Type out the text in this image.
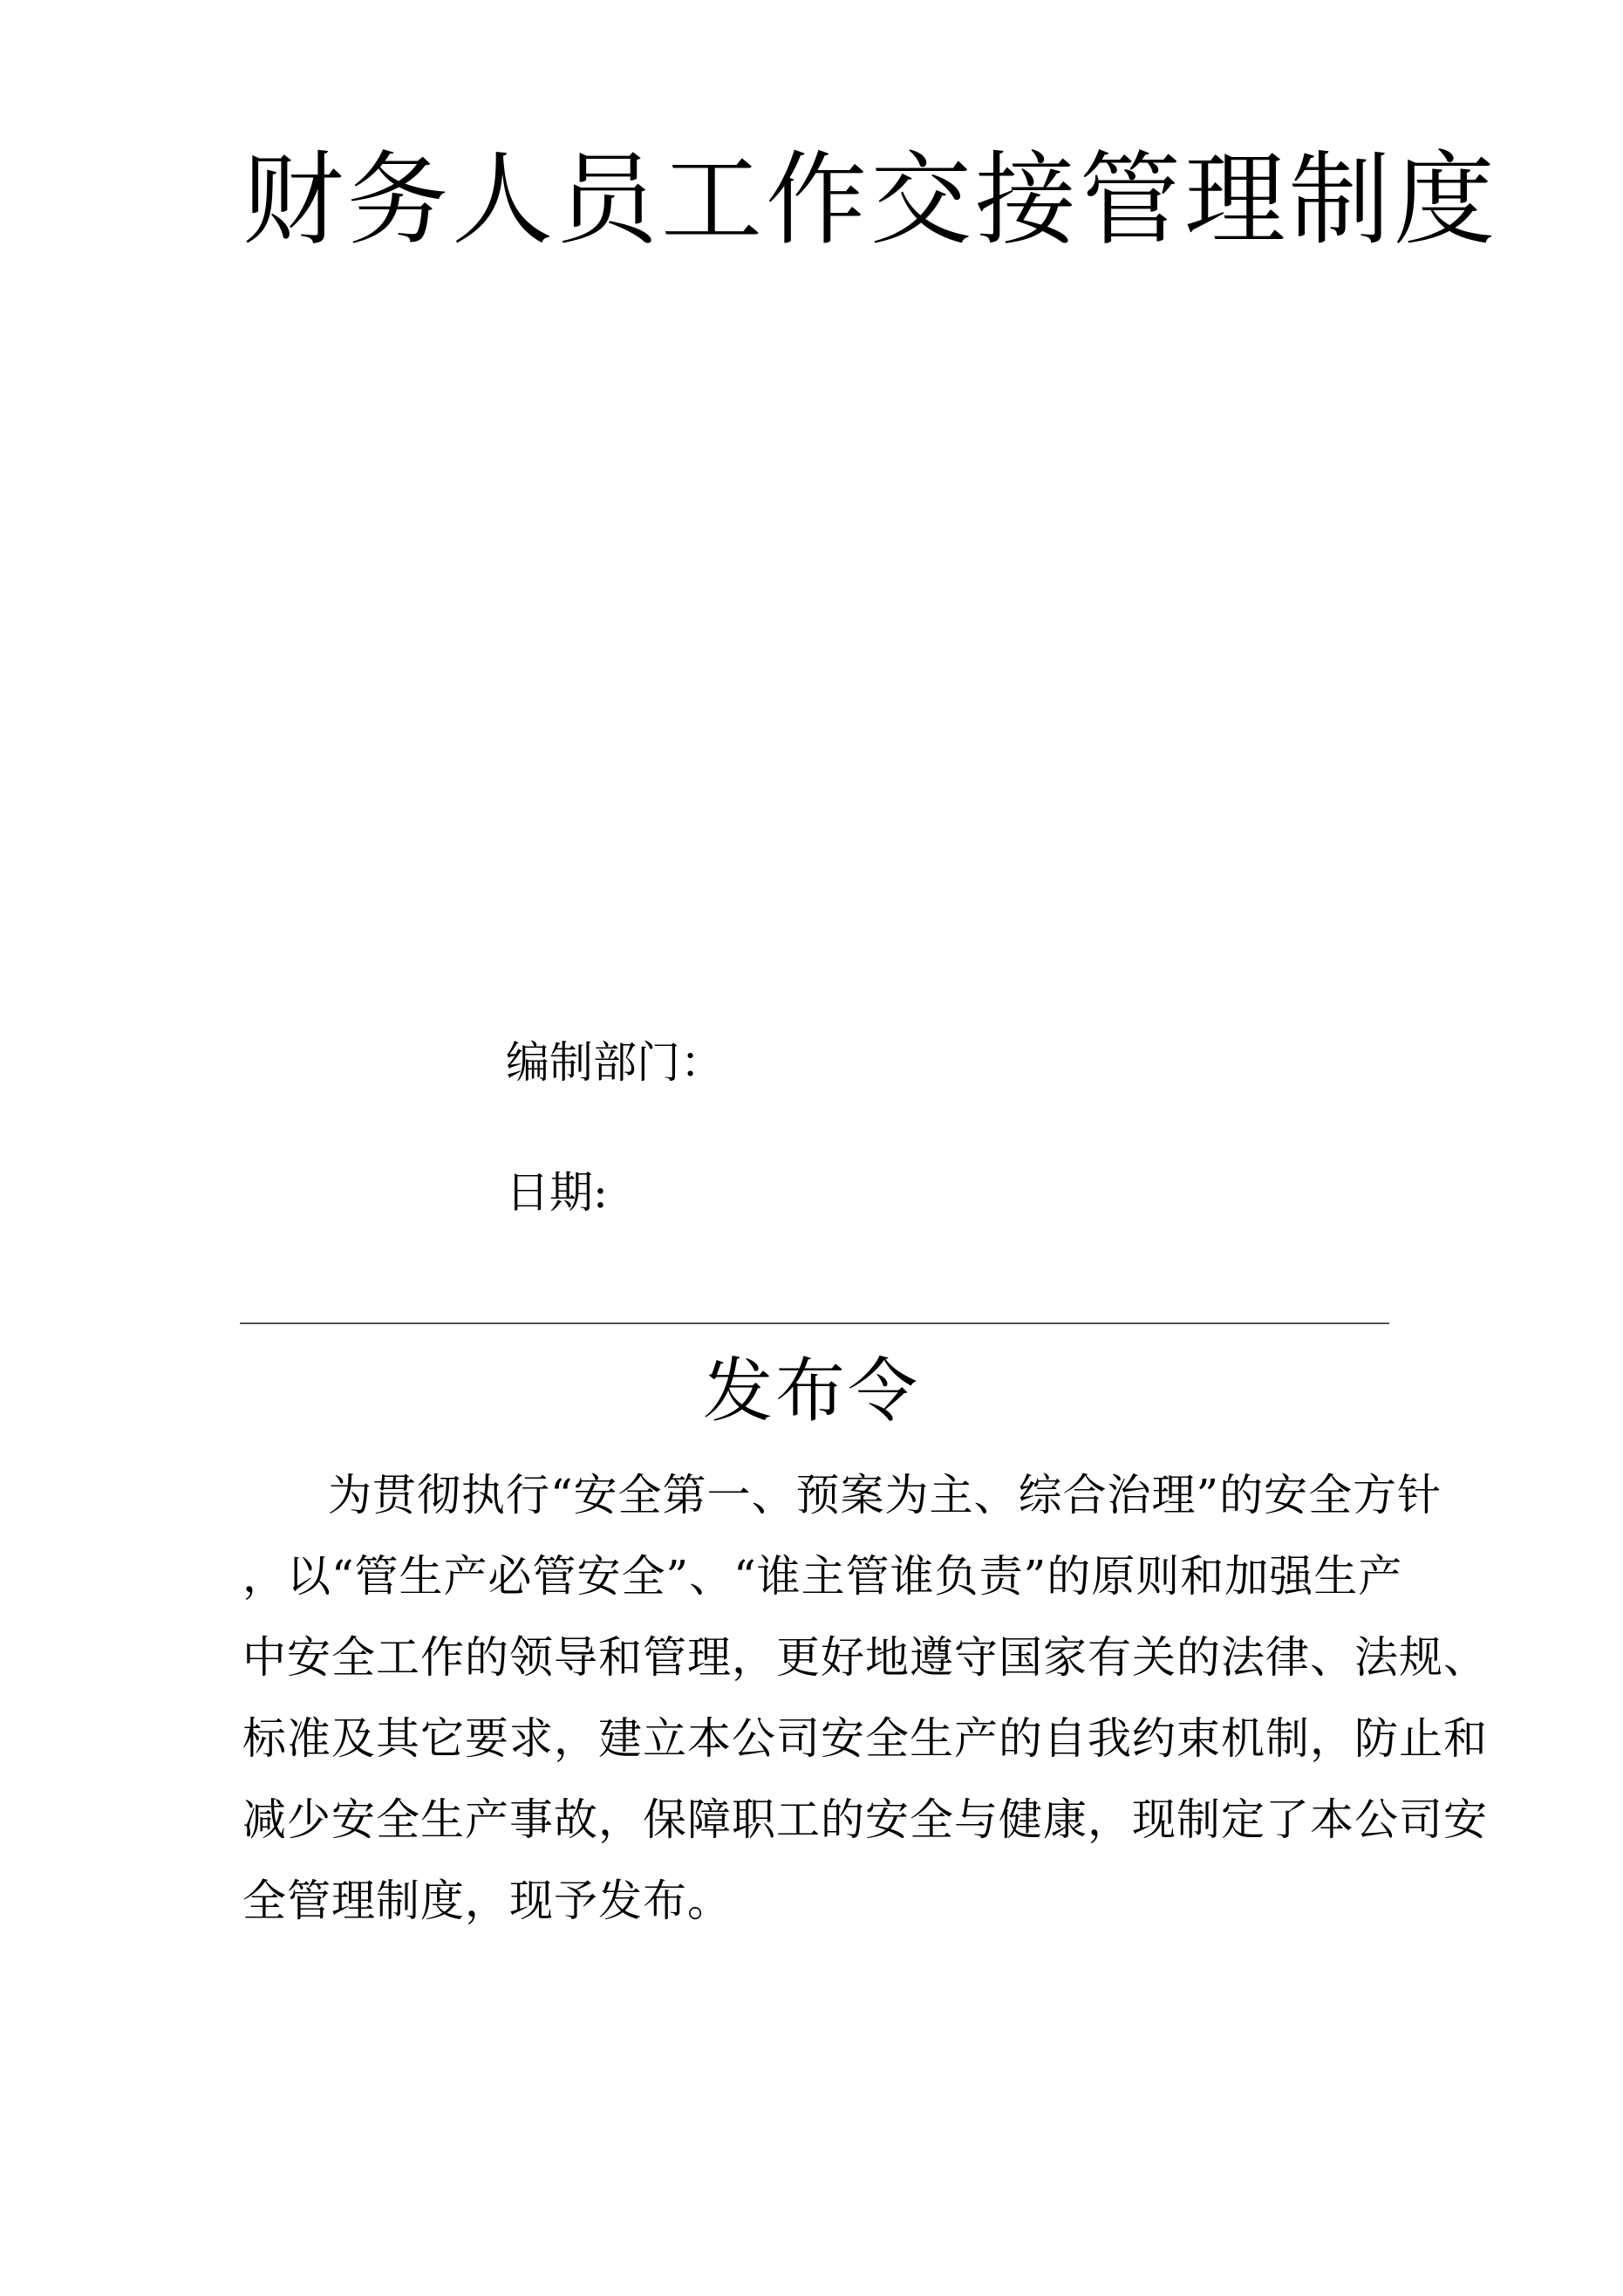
财务人员工作交接管理制度
编制部门：
日期:
发布令
为贯彻执行“安全第一、预案为主、综合治理”的安全方针
，以“管生产必管安全”、“谁主管谁负责”的原则和加强生产
中安全工作的领导和管理，更好地遵守国家有关的法律、法规、
标准及其它要求，建立本公司安全生产的自我约束机制，防止和
减少安全生产事故，保障职工的安全与健康，现制定了本公司安
全管理制度，现予发布。
